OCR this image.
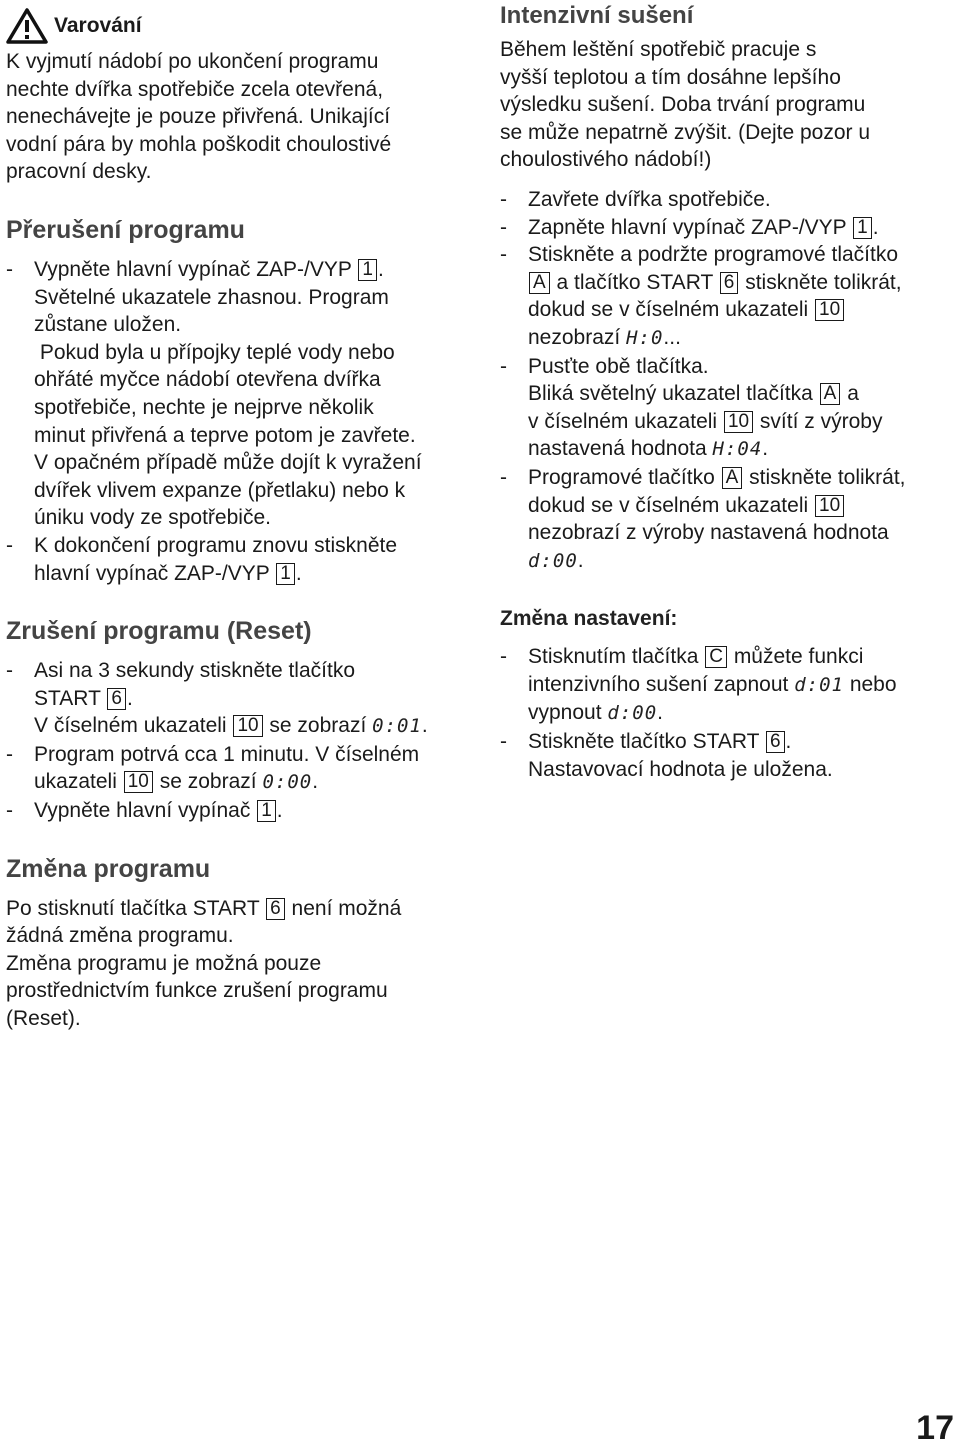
Varování

K vyjmutí nádobí po ukončení programu

nechte dvířka spotřebiče zcela otevřená,

nenechávejte je pouze přivřená. Unikající

vodní pára by mohla poškodit choulostivé

pracovní desky.

Přerušení programu

- Vypněte hlavní vypínač ZAP-/VYP 1 .

Světelné ukazatele zhasnou. Program

zůstane uložen.

Pokud byla u přípojky teplé vody nebo

ohřáté myčce nádobí otevřena dvířka

spotřebiče, nechte je nejprve několik

minut přivřená a teprve potom je zavřete.

V opačném případě může dojít k vyražení

dvířek vlivem expanze (přetlaku) nebo k

úniku vody ze spotřebiče.

- K dokončení programu znovu stiskněte

hlavní vypínač ZAP-/VYP 1 .

Zrušení programu (Reset)

- Asi na 3 sekundy stiskněte tlačítko

START 6 .

V číselném ukazateli 10 se zobrazí 0:01.

- Program potrvá cca 1 minutu. V číselném

ukazateli 10 se zobrazí 0:00.

- Vypněte hlavní vypínač 1 .

Změna programu

Po stisknutí tlačítka START 6 není možná

žádná změna programu.

Změna programu je možná pouze

prostřednictvím funkce zrušení programu

(Reset).

Intenzivní sušení

Během leštění spotřebič pracuje s

vyšší teplotou a tím dosáhne lepšího

výsledku sušení. Doba trvání programu

se může nepatrně zvýšit. (Dejte pozor u

choulostivého nádobí!)

- Zavřete dvířka spotřebiče.

- Zapněte hlavní vypínač ZAP-/VYP 1 .

- Stiskněte a podržte programové tlačítko

A a tlačítko START 6 stiskněte tolikrát,

dokud se v číselném ukazateli 10

nezobrazí H:0...

- Pusťte obě tlačítka.

Bliká světelný ukazatel tlačítka A a

v číselném ukazateli 10 svítí z výroby

nastavená hodnota H:04.

- Programové tlačítko A stiskněte tolikrát,

dokud se v číselném ukazateli 10

nezobrazí z výroby nastavená hodnota

d:00.

Změna nastavení:

- Stisknutím tlačítka C můžete funkci

intenzivního sušení zapnout d:01 nebo

vypnout d:00.

- Stiskněte tlačítko START 6 .

Nastavovací hodnota je uložena.

17
